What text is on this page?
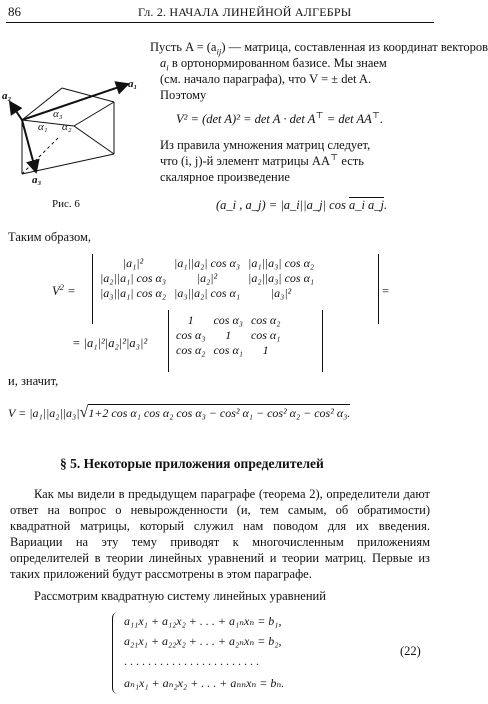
86	Гл. 2. НАЧАЛА ЛИНЕЙНОЙ АЛГЕБРЫ
a₁
a₂
a₃
α₃
α₁ α₂
Рис. 6
Пусть $A = (a_{ij})$ — матрица, составленная из координат векторов
$a_i$ в ортонормированном базисе. Мы знаем
(см. начало параграфа), что V = ± det A.
Поэтому
V² = (det A)² = det A · det A⊤ = det AA⊤.
Из правила умножения матриц следует,
что (i, j)-й элемент матрицы AA⊤ есть
скалярное произведение
(a_i , a_j) = |a_i||a_j| cos a_i a_j.
Таким образом,
$V^2$ =
|a₁|²	|a₁||a₂| cos α₃	|a₁||a₃| cos α₂
|a₂||a₁| cos α₃	|a₂|²	|a₂||a₃| cos α₁
|a₃||a₁| cos α₂	|a₃||a₂| cos α₁	|a₃|²	=
= |a₁|²|a₂|²|a₃|²
1	cos α₃	cos α₂
cos α₃	1	cos α₁
cos α₂	cos α₁	1
и, значит,
V = |a₁||a₂||a₃|√1+2 cos α₁ cos α₂ cos α₃ − cos² α₁ − cos² α₂ − cos² α₃.
§ 5. Некоторые приложения определителей
Как мы видели в предыдущем параграфе (теорема 2), определители дают ответ на вопрос о невырожденности (и, тем самым, об обратимости) квадратной матрицы, который служил нам поводом для их введения. Вариации на эту тему приводят к многочисленным приложениям определителей в теории линейных уравнений и теории матриц. Первые из таких приложений будут рассмотрены в этом параграфе.
Рассмотрим квадратную систему линейных уравнений
a₁₁x₁ + a₁₂x₂ + . . . + a₁ₙxₙ = b₁,
a₂₁x₁ + a₂₂x₂ + . . . + a₂ₙxₙ = b₂,
. . . . . . . . . . . . . . . . . . . . . . .
aₙ₁x₁ + aₙ₂x₂ + . . . + aₙₙxₙ = bₙ.
(22)
